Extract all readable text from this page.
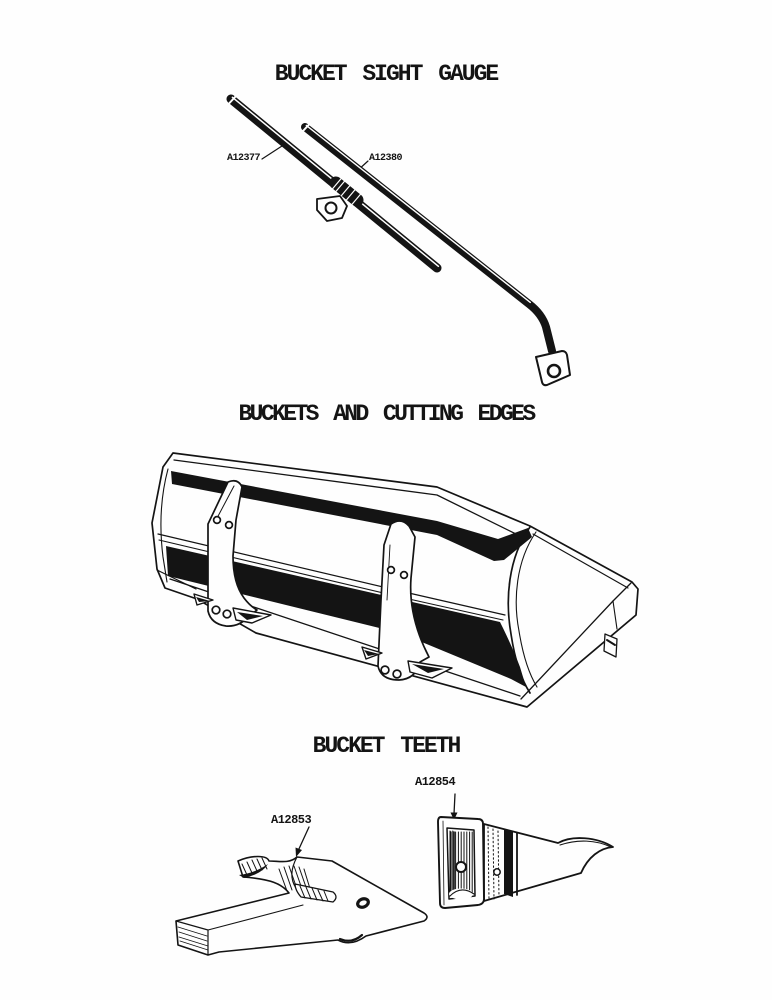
BUCKET SIGHT GAUGE
A12377	A12380
BUCKETS AND CUTTING EDGES
BUCKET TEETH
A12853
A12854
